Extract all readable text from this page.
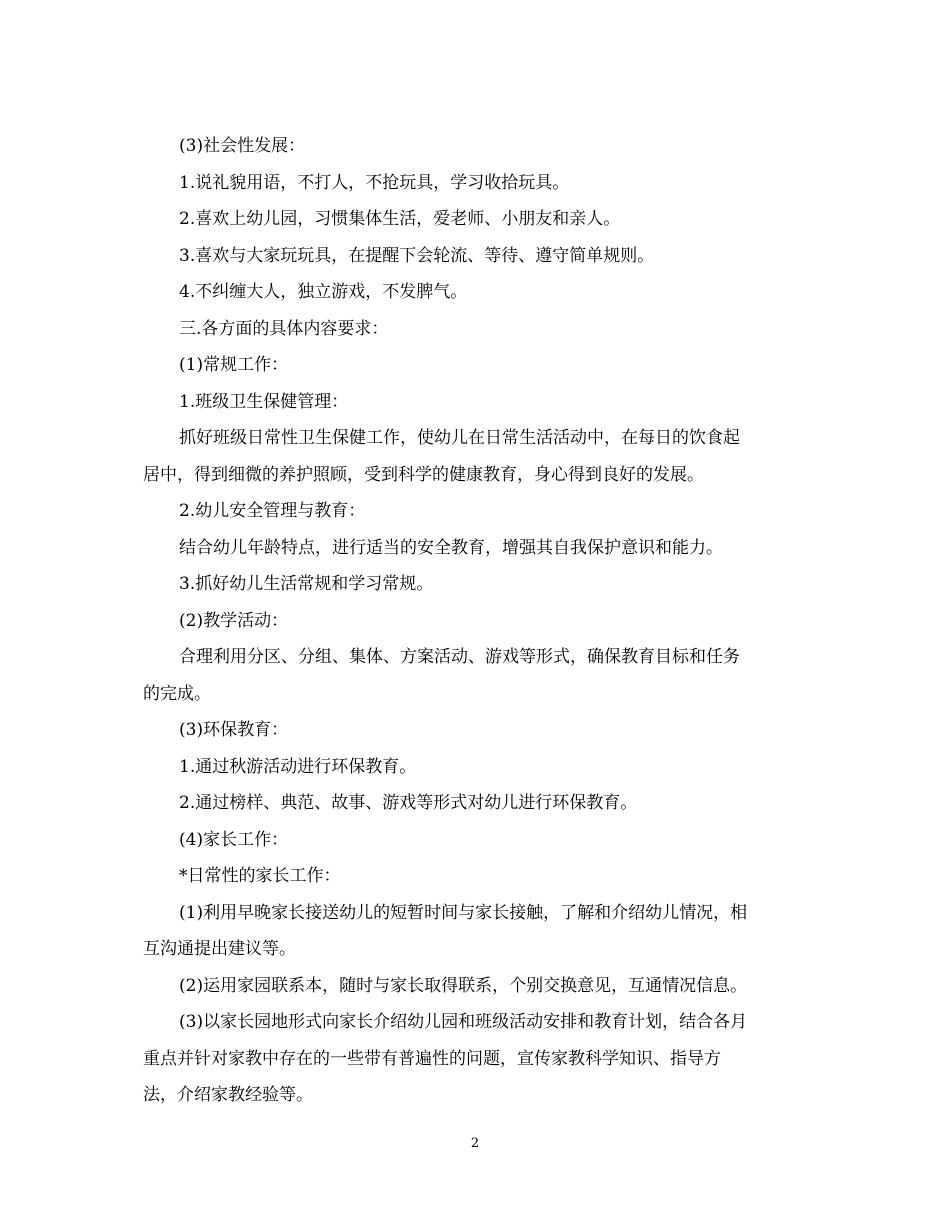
(3)社会性发展：
1.说礼貌用语，不打人，不抢玩具，学习收拾玩具。
2.喜欢上幼儿园，习惯集体生活，爱老师、小朋友和亲人。
3.喜欢与大家玩玩具，在提醒下会轮流、等待、遵守简单规则。
4.不纠缠大人，独立游戏，不发脾气。
三.各方面的具体内容要求：
(1)常规工作：
1.班级卫生保健管理：
抓好班级日常性卫生保健工作，使幼儿在日常生活活动中，在每日的饮食起
居中，得到细微的养护照顾，受到科学的健康教育，身心得到良好的发展。
2.幼儿安全管理与教育：
结合幼儿年龄特点，进行适当的安全教育，增强其自我保护意识和能力。
3.抓好幼儿生活常规和学习常规。
(2)教学活动：
合理利用分区、分组、集体、方案活动、游戏等形式，确保教育目标和任务
的完成。
(3)环保教育：
1.通过秋游活动进行环保教育。
2.通过榜样、典范、故事、游戏等形式对幼儿进行环保教育。
(4)家长工作：
*日常性的家长工作：
(1)利用早晚家长接送幼儿的短暂时间与家长接触，了解和介绍幼儿情况，相
互沟通提出建议等。
(2)运用家园联系本，随时与家长取得联系，个别交换意见，互通情况信息。
(3)以家长园地形式向家长介绍幼儿园和班级活动安排和教育计划，结合各月
重点并针对家教中存在的一些带有普遍性的问题，宣传家教科学知识、指导方
法，介绍家教经验等。
2
